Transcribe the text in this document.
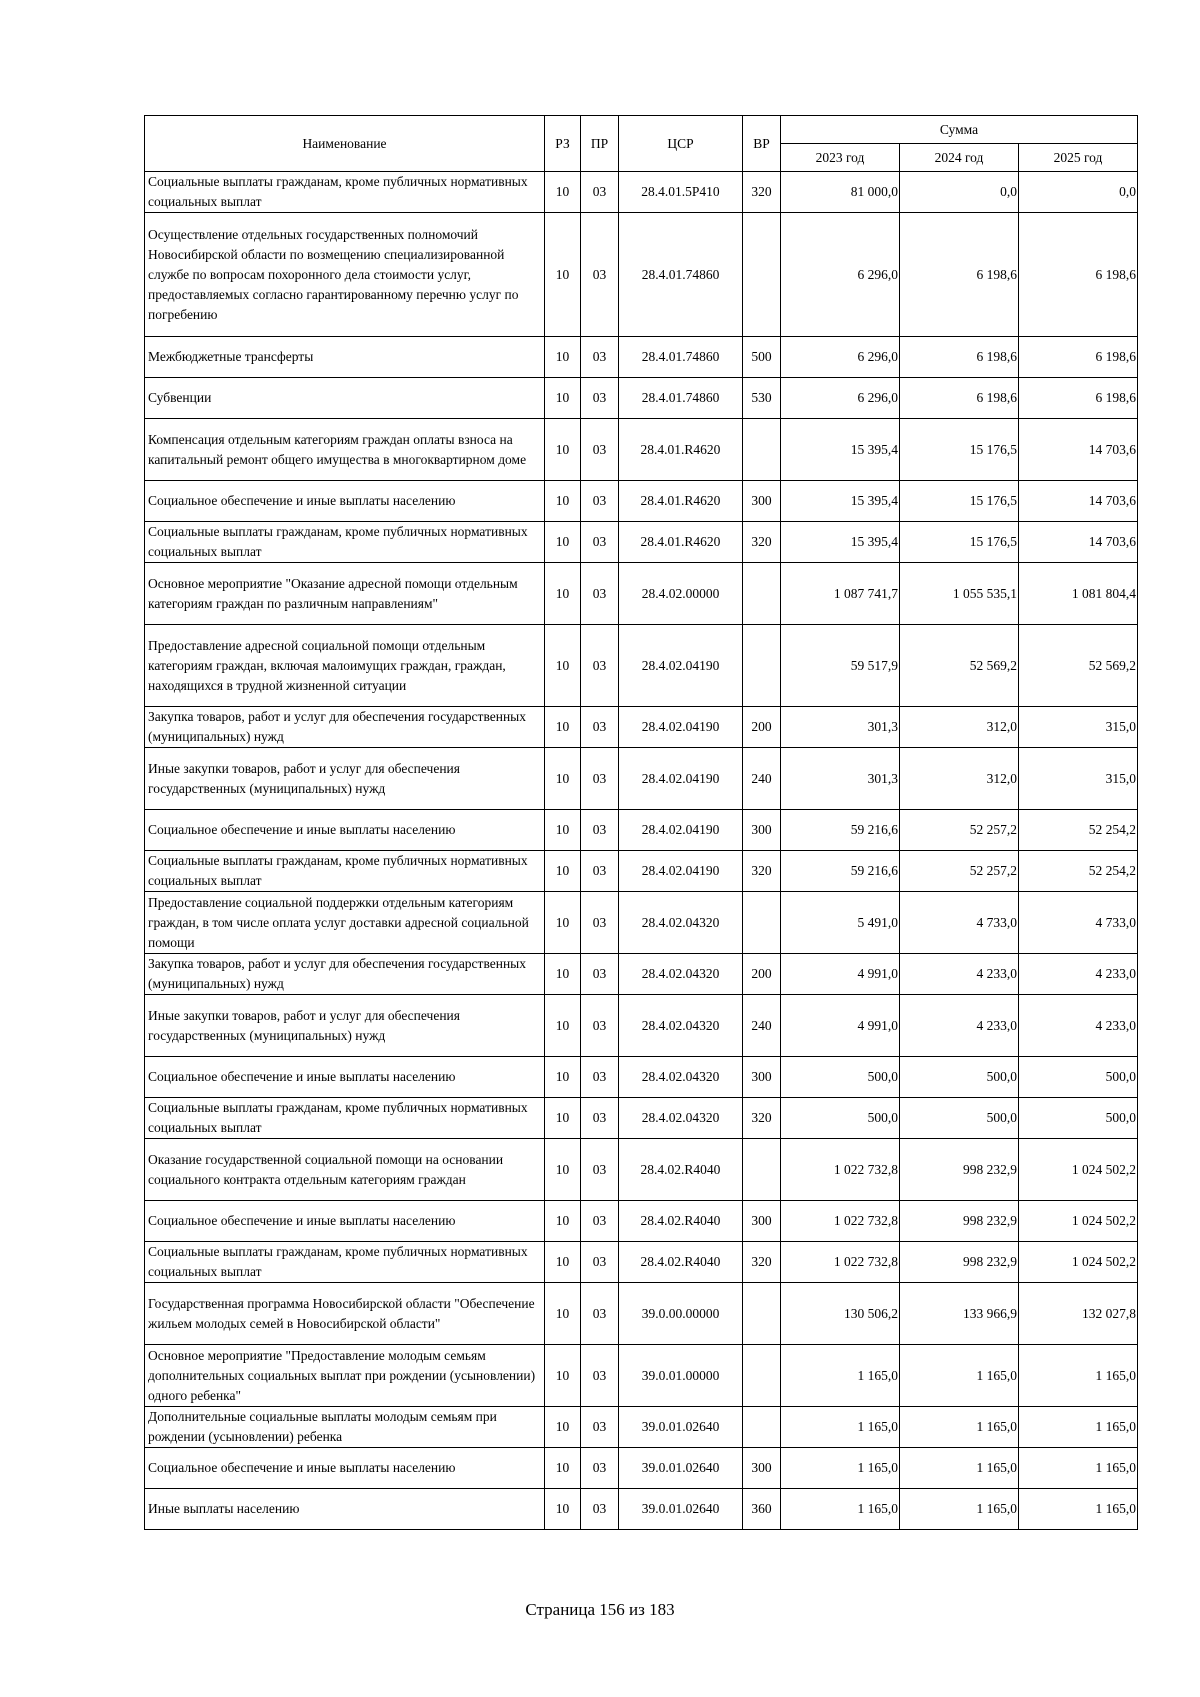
Наименование	РЗ	ПР	ЦСР	ВР	Сумма		
					2023 год	2024 год	2025 год
Социальные выплаты гражданам, кроме публичных нормативных социальных выплат	10	03	28.4.01.5Р410	320	81 000,0	0,0	0,0
Осуществление отдельных государственных полномочий Новосибирской области по возмещению специализированной службе по вопросам похоронного дела стоимости услуг, предоставляемых согласно гарантированному перечню услуг по погребению	10	03	28.4.01.74860		6 296,0	6 198,6	6 198,6
Межбюджетные трансферты	10	03	28.4.01.74860	500	6 296,0	6 198,6	6 198,6
Субвенции	10	03	28.4.01.74860	530	6 296,0	6 198,6	6 198,6
Компенсация отдельным категориям граждан оплаты взноса на капитальный ремонт общего имущества в многоквартирном доме	10	03	28.4.01.R4620		15 395,4	15 176,5	14 703,6
Социальное обеспечение и иные выплаты населению	10	03	28.4.01.R4620	300	15 395,4	15 176,5	14 703,6
Социальные выплаты гражданам, кроме публичных нормативных социальных выплат	10	03	28.4.01.R4620	320	15 395,4	15 176,5	14 703,6
Основное мероприятие "Оказание адресной помощи отдельным категориям граждан по различным направлениям"	10	03	28.4.02.00000		1 087 741,7	1 055 535,1	1 081 804,4
Предоставление адресной социальной помощи отдельным категориям граждан, включая малоимущих граждан, граждан, находящихся в трудной жизненной ситуации	10	03	28.4.02.04190		59 517,9	52 569,2	52 569,2
Закупка товаров, работ и услуг для обеспечения государственных (муниципальных) нужд	10	03	28.4.02.04190	200	301,3	312,0	315,0
Иные закупки товаров, работ и услуг для обеспечения государственных (муниципальных) нужд	10	03	28.4.02.04190	240	301,3	312,0	315,0
Социальное обеспечение и иные выплаты населению	10	03	28.4.02.04190	300	59 216,6	52 257,2	52 254,2
Социальные выплаты гражданам, кроме публичных нормативных социальных выплат	10	03	28.4.02.04190	320	59 216,6	52 257,2	52 254,2
Предоставление социальной поддержки отдельным категориям граждан, в том числе оплата услуг доставки адресной социальной помощи	10	03	28.4.02.04320		5 491,0	4 733,0	4 733,0
Закупка товаров, работ и услуг для обеспечения государственных (муниципальных) нужд	10	03	28.4.02.04320	200	4 991,0	4 233,0	4 233,0
Иные закупки товаров, работ и услуг для обеспечения государственных (муниципальных) нужд	10	03	28.4.02.04320	240	4 991,0	4 233,0	4 233,0
Социальное обеспечение и иные выплаты населению	10	03	28.4.02.04320	300	500,0	500,0	500,0
Социальные выплаты гражданам, кроме публичных нормативных социальных выплат	10	03	28.4.02.04320	320	500,0	500,0	500,0
Оказание государственной социальной помощи на основании социального контракта отдельным категориям граждан	10	03	28.4.02.R4040		1 022 732,8	998 232,9	1 024 502,2
Социальное обеспечение и иные выплаты населению	10	03	28.4.02.R4040	300	1 022 732,8	998 232,9	1 024 502,2
Социальные выплаты гражданам, кроме публичных нормативных социальных выплат	10	03	28.4.02.R4040	320	1 022 732,8	998 232,9	1 024 502,2
Государственная программа Новосибирской области "Обеспечение жильем молодых семей в Новосибирской области"	10	03	39.0.00.00000		130 506,2	133 966,9	132 027,8
Основное мероприятие "Предоставление молодым семьям дополнительных социальных выплат при рождении (усыновлении) одного ребенка"	10	03	39.0.01.00000		1 165,0	1 165,0	1 165,0
Дополнительные социальные выплаты молодым семьям при рождении (усыновлении) ребенка	10	03	39.0.01.02640		1 165,0	1 165,0	1 165,0
Социальное обеспечение и иные выплаты населению	10	03	39.0.01.02640	300	1 165,0	1 165,0	1 165,0
Иные выплаты населению	10	03	39.0.01.02640	360	1 165,0	1 165,0	1 165,0
Страница 156 из 183
